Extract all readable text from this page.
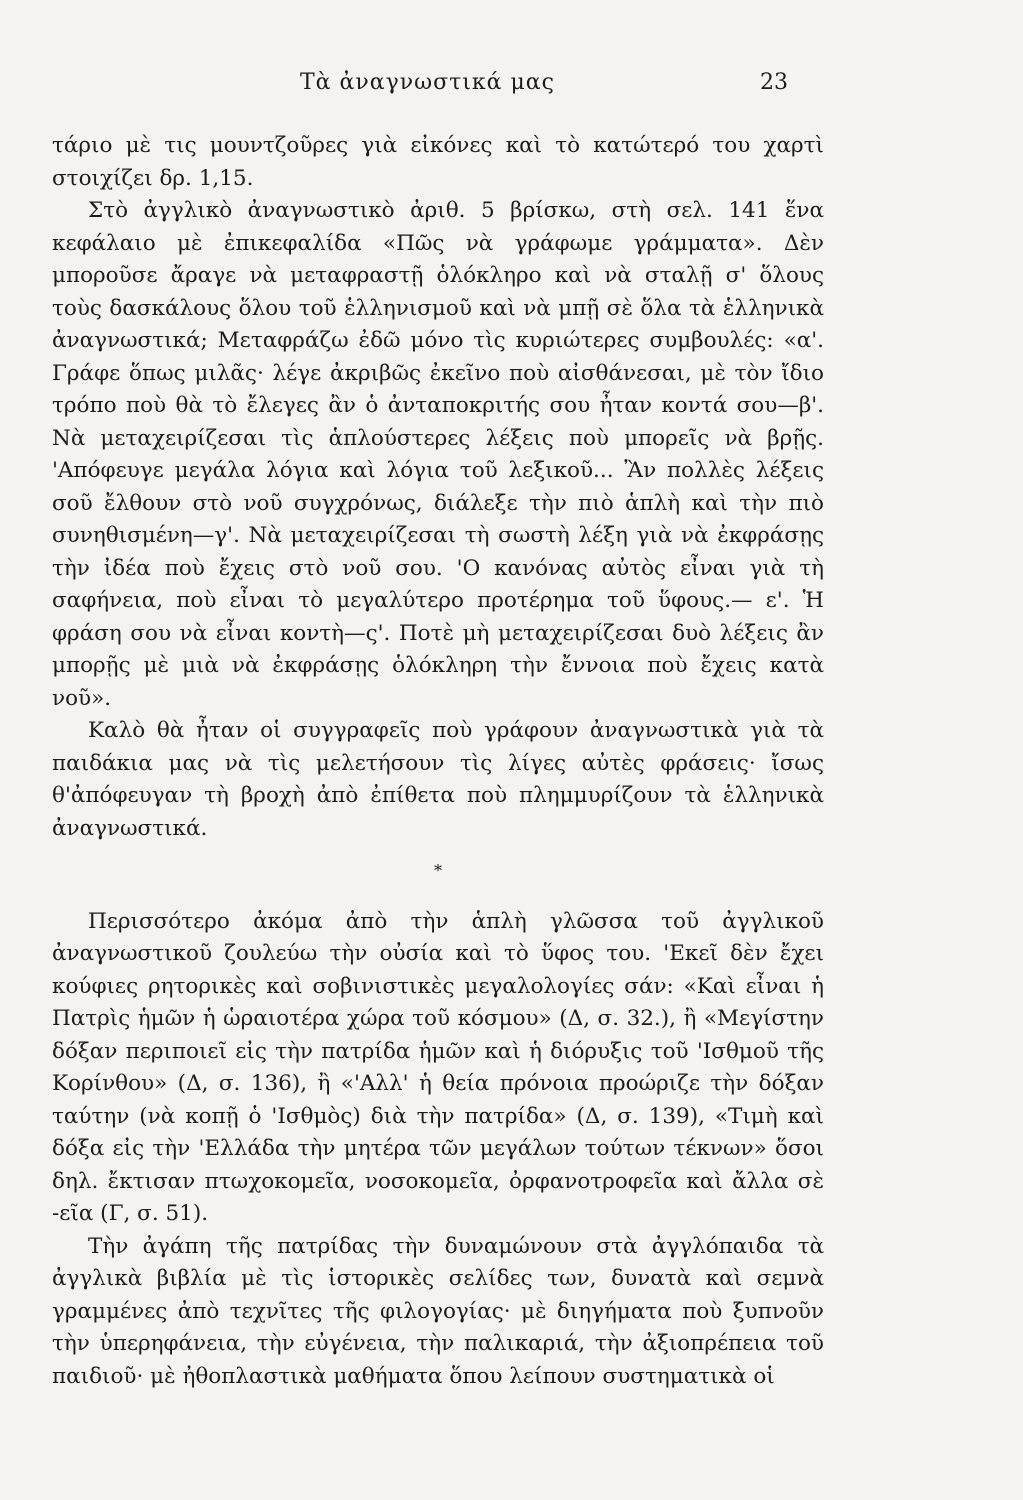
Τὰ ἀναγνωστικά μας	23

τάριο μὲ τις μουντζοῦρες γιὰ εἰκόνες καὶ τὸ κατώτερό του χαρτὶ στοιχίζει δρ. 1,15.

Στὸ ἀγγλικὸ ἀναγνωστικὸ ἀριθ. 5 βρίσκω, στὴ σελ. 141 ἕνα κεφάλαιο μὲ ἐπικεφαλίδα «Πῶς νὰ γράφωμε γράμματα». Δὲν μποροῦσε ἄραγε νὰ μεταφραστῇ ὁλόκληρο καὶ νὰ σταλῇ σ' ὅλους τοὺς δασκάλους ὅλου τοῦ ἑλληνισμοῦ καὶ νὰ μπῇ σὲ ὅλα τὰ ἑλληνικὰ ἀναγνωστικά; Μεταφράζω ἐδῶ μόνο τὶς κυριώτερες συμβουλές: «α'. Γράφε ὅπως μιλᾶς· λέγε ἀκριβῶς ἐκεῖνο ποὺ αἰσθάνεσαι, μὲ τὸν ἴδιο τρόπο ποὺ θὰ τὸ ἔλεγες ἂν ὁ ἀνταποκριτής σου ἦταν κοντά σου—β'. Νὰ μεταχειρίζεσαι τὶς ἁπλούστερες λέξεις ποὺ μπορεῖς νὰ βρῇς. 'Απόφευγε μεγάλα λόγια καὶ λόγια τοῦ λεξικοῦ... Ἂν πολλὲς λέξεις σοῦ ἔλθουν στὸ νοῦ συγχρόνως, διάλεξε τὴν πιὸ ἁπλὴ καὶ τὴν πιὸ συνηθισμένη—γ'. Νὰ μεταχειρίζεσαι τὴ σωστὴ λέξη γιὰ νὰ ἐκφράσῃς τὴν ἰδέα ποὺ ἔχεις στὸ νοῦ σου. 'Ο κανόνας αὐτὸς εἶναι γιὰ τὴ σαφήνεια, ποὺ εἶναι τὸ μεγαλύτερο προτέρημα τοῦ ὕφους.— ε'. Ἡ φράση σου νὰ εἶναι κοντὴ—ς'. Ποτὲ μὴ μεταχειρίζεσαι δυὸ λέξεις ἂν μπορῇς μὲ μιὰ νὰ ἐκφράσῃς ὁλόκληρη τὴν ἔννοια ποὺ ἔχεις κατὰ νοῦ».

Καλὸ θὰ ἦταν οἱ συγγραφεῖς ποὺ γράφουν ἀναγνωστικὰ γιὰ τὰ παιδάκια μας νὰ τὶς μελετήσουν τὶς λίγες αὐτὲς φράσεις· ἴσως θ'ἀπόφευγαν τὴ βροχὴ ἀπὸ ἐπίθετα ποὺ πλημμυρίζουν τὰ ἑλληνικὰ ἀναγνωστικά.

*

Περισσότερο ἀκόμα ἀπὸ τὴν ἁπλὴ γλῶσσα τοῦ ἀγγλικοῦ ἀναγνωστικοῦ ζουλεύω τὴν οὐσία καὶ τὸ ὕφος του. 'Εκεῖ δὲν ἔχει κούφιες ρητορικὲς καὶ σοβινιστικὲς μεγαλολογίες σάν: «Καὶ εἶναι ἡ Πατρὶς ἡμῶν ἡ ὡραιοτέρα χώρα τοῦ κόσμου» (Δ, σ. 32.), ἢ «Μεγίστην δόξαν περιποιεῖ εἰς τὴν πατρίδα ἡμῶν καὶ ἡ διόρυξις τοῦ 'Ισθμοῦ τῆς Κορίνθου» (Δ, σ. 136), ἢ «'Αλλ' ἡ θεία πρόνοια προώριζε τὴν δόξαν ταύτην (νὰ κοπῇ ὁ 'Ισθμὸς) διὰ τὴν πατρίδα» (Δ, σ. 139), «Τιμὴ καὶ δόξα εἰς τὴν 'Ελλάδα τὴν μητέρα τῶν μεγάλων τούτων τέκνων» ὅσοι δηλ. ἔκτισαν πτωχοκομεῖα, νοσοκομεῖα, ὀρφανοτροφεῖα καὶ ἄλλα σὲ -εῖα (Γ, σ. 51).

Τὴν ἀγάπη τῆς πατρίδας τὴν δυναμώνουν στὰ ἀγγλόπαιδα τὰ ἀγγλικὰ βιβλία μὲ τὶς ἱστορικὲς σελίδες των, δυνατὰ καὶ σεμνὰ γραμμένες ἀπὸ τεχνῖτες τῆς φιλογογίας· μὲ διηγήματα ποὺ ξυπνοῦν τὴν ὑπερηφάνεια, τὴν εὐγένεια, τὴν παλικαριά, τὴν ἀξιοπρέπεια τοῦ παιδιοῦ· μὲ ἠθοπλαστικὰ μαθήματα ὅπου λείπουν συστηματικὰ οἱ
